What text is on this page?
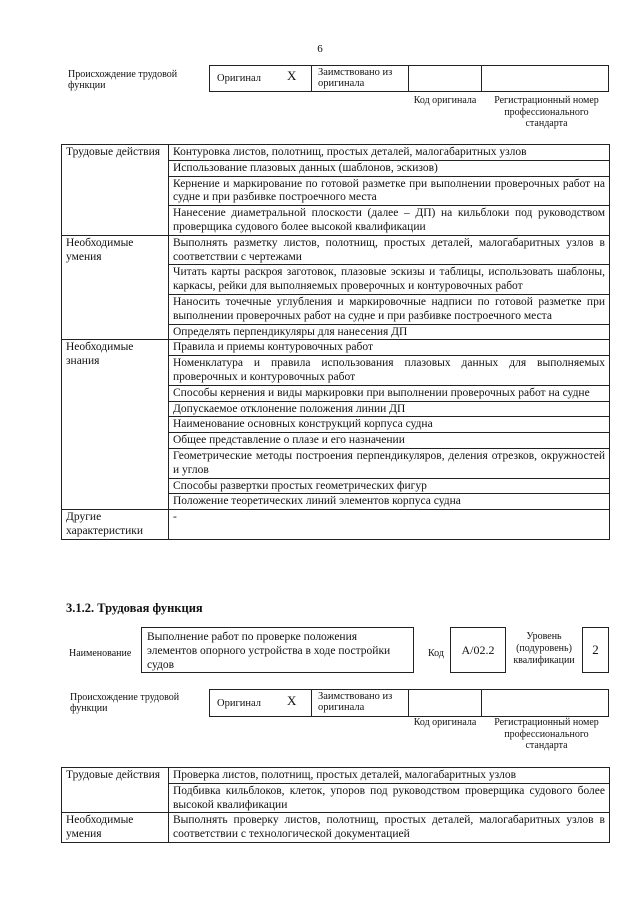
6
Происхождение трудовой функции
Оригинал X Заимствовано из оригинала
Код оригинала	Регистрационный номер профессионального стандарта
Трудовые действия	Контуровка листов, полотнищ, простых деталей, малогабаритных узлов
	Использование плазовых данных (шаблонов, эскизов)
	Кернение и маркирование по готовой разметке при выполнении проверочных работ на судне и при разбивке построечного места
	Нанесение диаметральной плоскости (далее – ДП) на кильблоки под руководством проверщика судового более высокой квалификации
Необходимые умения	Выполнять разметку листов, полотнищ, простых деталей, малогабаритных узлов в соответствии с чертежами
	Читать карты раскроя заготовок, плазовые эскизы и таблицы, использовать шаблоны, каркасы, рейки для выполняемых проверочных и контуровочных работ
	Наносить точечные углубления и маркировочные надписи по готовой разметке при выполнении проверочных работ на судне и при разбивке построечного места
	Определять перпендикуляры для нанесения ДП
Необходимые знания	Правила и приемы контуровочных работ
	Номенклатура и правила использования плазовых данных для выполняемых проверочных и контуровочных работ
	Способы кернения и виды маркировки при выполнении проверочных работ на судне
	Допускаемое отклонение положения линии ДП
	Наименование основных конструкций корпуса судна
	Общее представление о плазе и его назначении
	Геометрические методы построения перпендикуляров, деления отрезков, окружностей и углов
	Способы развертки простых геометрических фигур
	Положение теоретических линий элементов корпуса судна
Другие характеристики	-
3.1.2. Трудовая функция
Наименование
Выполнение работ по проверке положения элементов опорного устройства в ходе постройки судов
Код	А/02.2
Уровень (подуровень) квалификации
2
Происхождение трудовой функции	Оригинал X Заимствовано из оригинала
Код оригинала	Регистрационный номер профессионального стандарта
Трудовые действия	Проверка листов, полотнищ, простых деталей, малогабаритных узлов
	Подбивка кильблоков, клеток, упоров под руководством проверщика судового более высокой квалификации
Необходимые умения	Выполнять проверку листов, полотнищ, простых деталей, малогабаритных узлов в соответствии с технологической документацией
